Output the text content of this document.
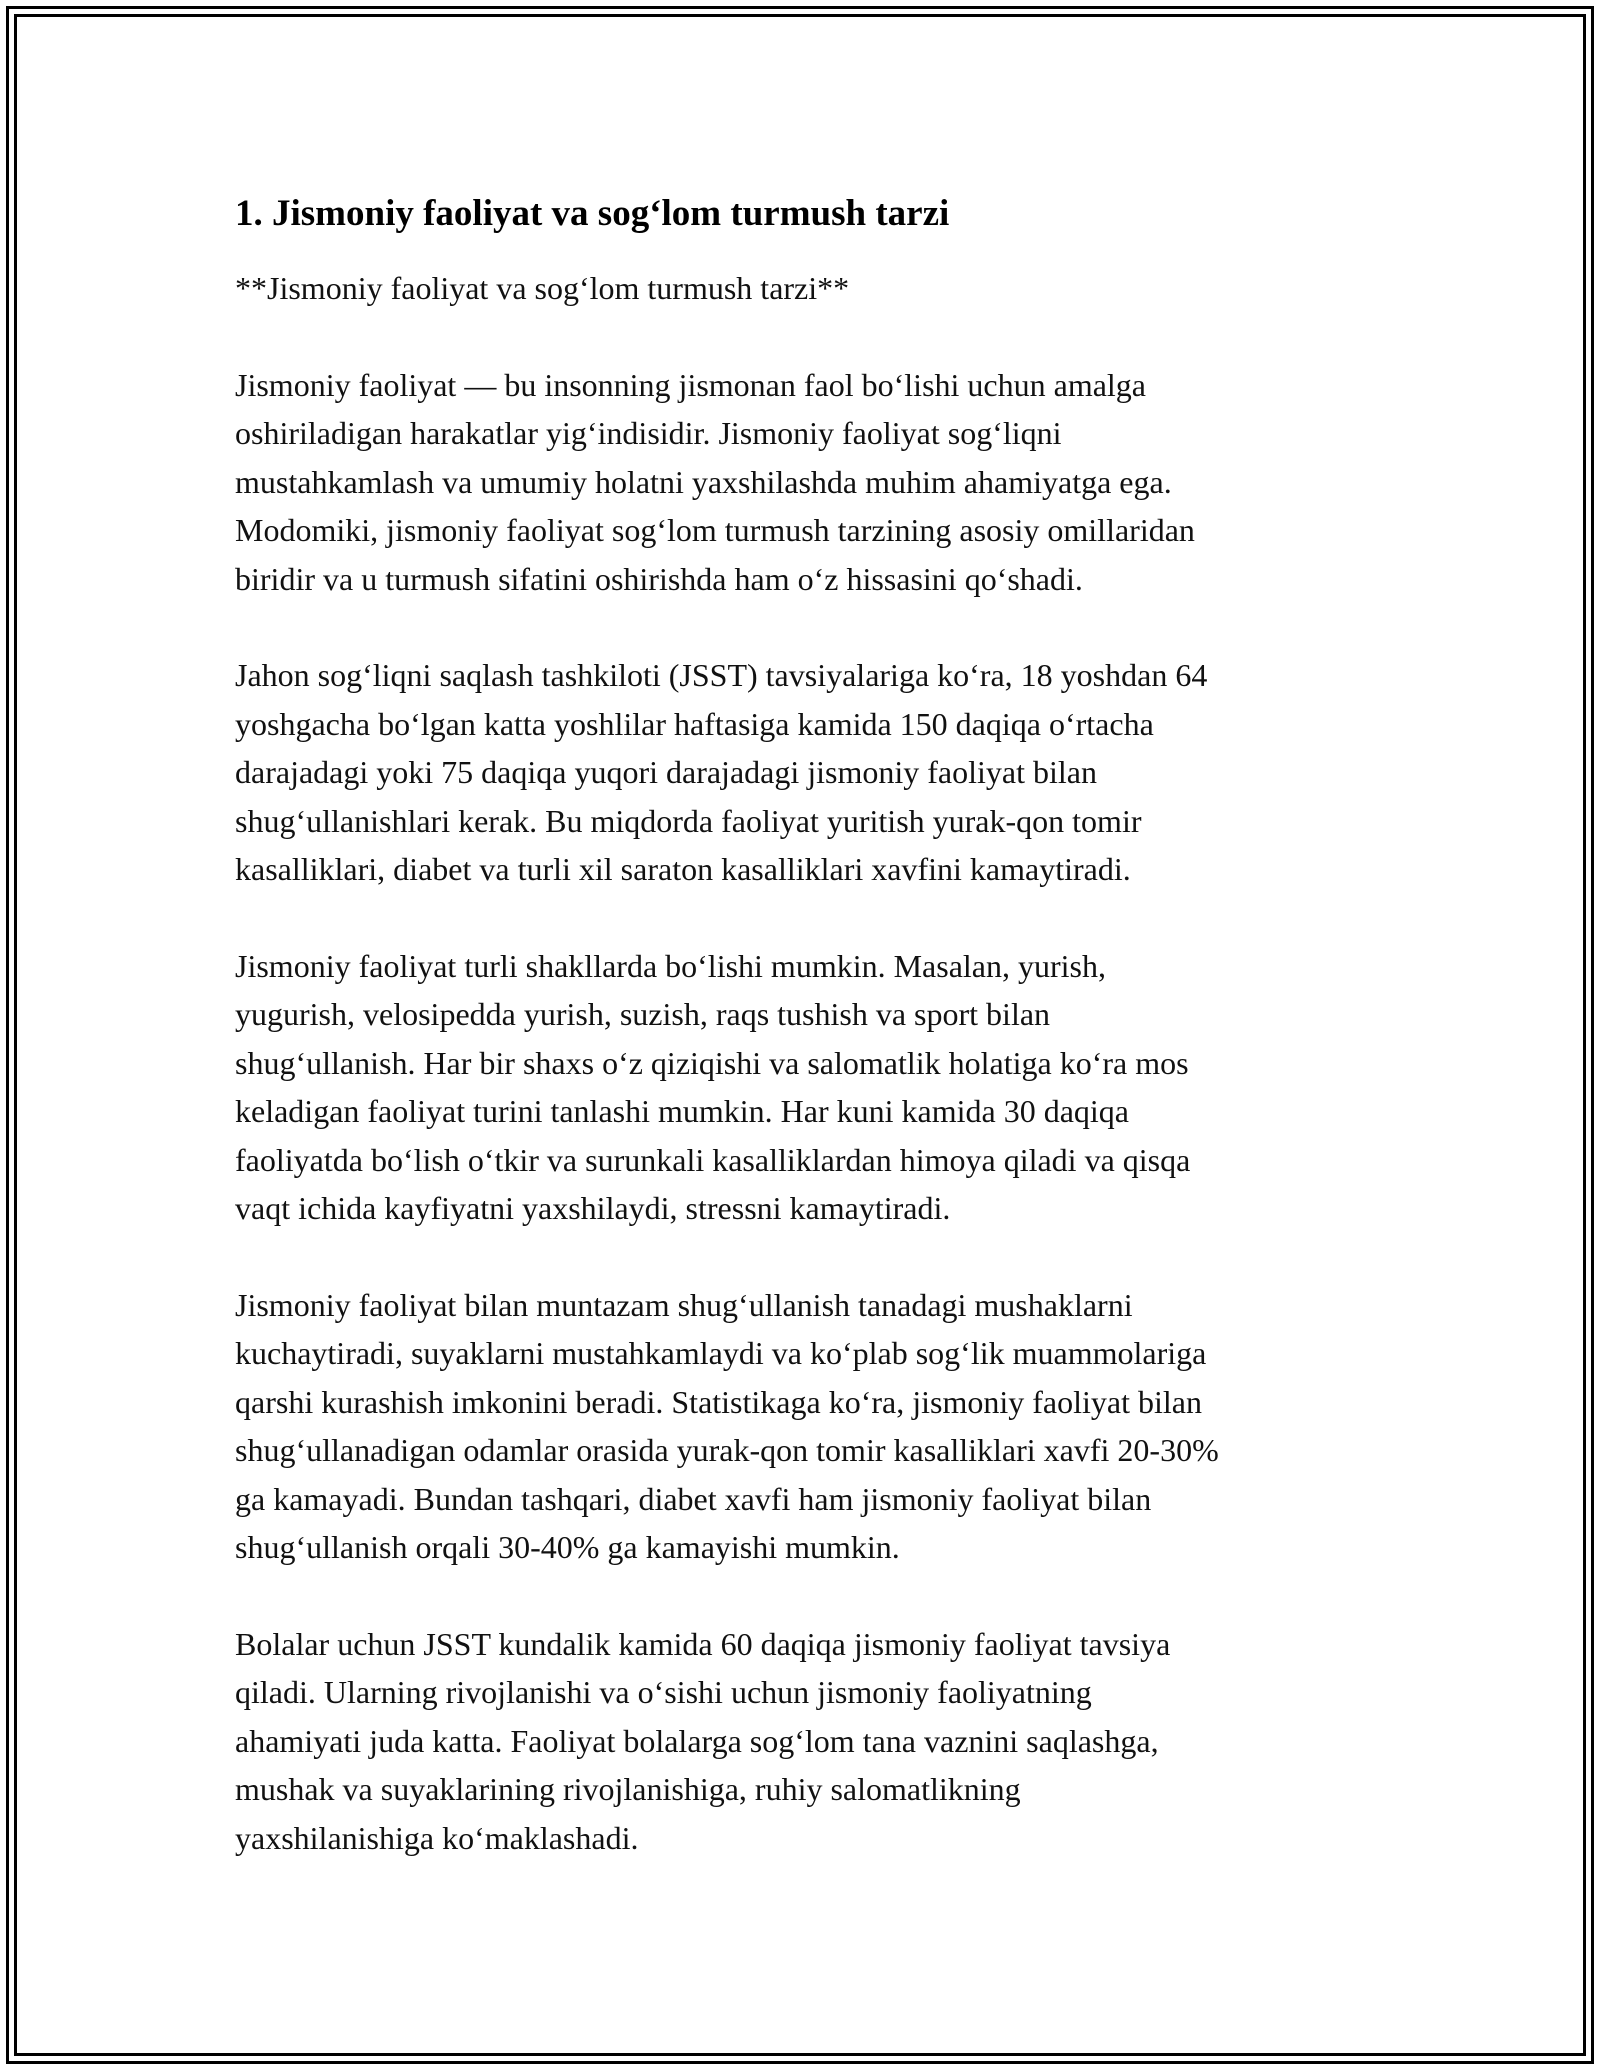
1. Jismoniy faoliyat va sog‘lom turmush tarzi

**Jismoniy faoliyat va sog‘lom turmush tarzi**

Jismoniy faoliyat — bu insonning jismonan faol bo‘lishi uchun amalga
oshiriladigan harakatlar yig‘indisidir. Jismoniy faoliyat sog‘liqni
mustahkamlash va umumiy holatni yaxshilashda muhim ahamiyatga ega.
Modomiki, jismoniy faoliyat sog‘lom turmush tarzining asosiy omillaridan
biridir va u turmush sifatini oshirishda ham o‘z hissasini qo‘shadi.

Jahon sog‘liqni saqlash tashkiloti (JSST) tavsiyalariga ko‘ra, 18 yoshdan 64
yoshgacha bo‘lgan katta yoshlilar haftasiga kamida 150 daqiqa o‘rtacha
darajadagi yoki 75 daqiqa yuqori darajadagi jismoniy faoliyat bilan
shug‘ullanishlari kerak. Bu miqdorda faoliyat yuritish yurak-qon tomir
kasalliklari, diabet va turli xil saraton kasalliklari xavfini kamaytiradi.

Jismoniy faoliyat turli shakllarda bo‘lishi mumkin. Masalan, yurish,
yugurish, velosipedda yurish, suzish, raqs tushish va sport bilan
shug‘ullanish. Har bir shaxs o‘z qiziqishi va salomatlik holatiga ko‘ra mos
keladigan faoliyat turini tanlashi mumkin. Har kuni kamida 30 daqiqa
faoliyatda bo‘lish o‘tkir va surunkali kasalliklardan himoya qiladi va qisqa
vaqt ichida kayfiyatni yaxshilaydi, stressni kamaytiradi.

Jismoniy faoliyat bilan muntazam shug‘ullanish tanadagi mushaklarni
kuchaytiradi, suyaklarni mustahkamlaydi va ko‘plab sog‘lik muammolariga
qarshi kurashish imkonini beradi. Statistikaga ko‘ra, jismoniy faoliyat bilan
shug‘ullanadigan odamlar orasida yurak-qon tomir kasalliklari xavfi 20-30%
ga kamayadi. Bundan tashqari, diabet xavfi ham jismoniy faoliyat bilan
shug‘ullanish orqali 30-40% ga kamayishi mumkin.

Bolalar uchun JSST kundalik kamida 60 daqiqa jismoniy faoliyat tavsiya
qiladi. Ularning rivojlanishi va o‘sishi uchun jismoniy faoliyatning
ahamiyati juda katta. Faoliyat bolalarga sog‘lom tana vaznini saqlashga,
mushak va suyaklarining rivojlanishiga, ruhiy salomatlikning
yaxshilanishiga ko‘maklashadi.
